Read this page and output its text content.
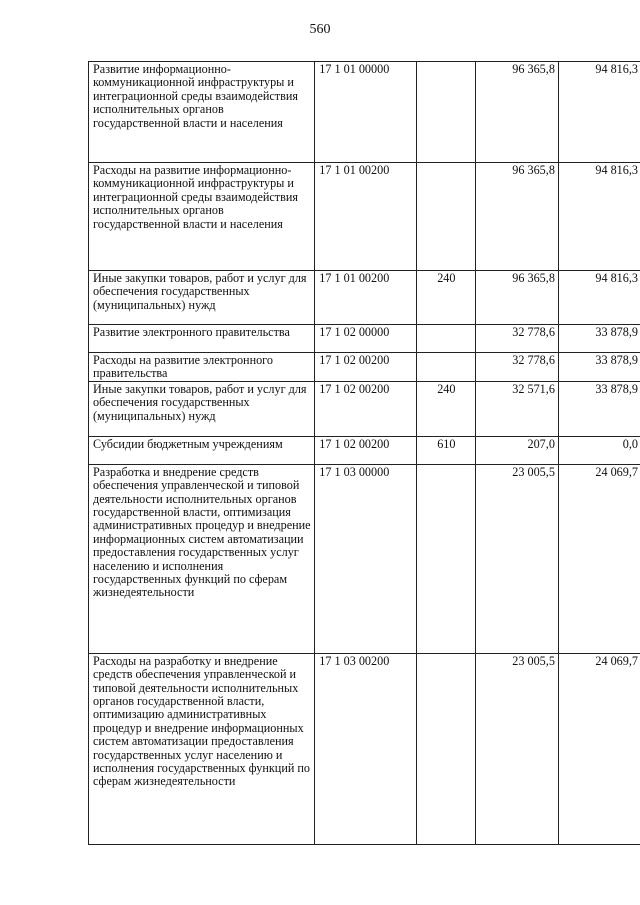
560
Развитие информационно-коммуникационной инфраструктуры и интеграционной среды взаимодействия исполнительных органов государственной власти и населения	17 1 01 00000		96 365,8	94 816,3
Расходы на развитие информационно-коммуникационной инфраструктуры и интеграционной среды взаимодействия исполнительных органов государственной власти и населения	17 1 01 00200		96 365,8	94 816,3
Иные закупки товаров, работ и услуг для обеспечения государственных (муниципальных) нужд	17 1 01 00200	240	96 365,8	94 816,3
Развитие электронного правительства	17 1 02 00000		32 778,6	33 878,9
Расходы на развитие электронного правительства	17 1 02 00200		32 778,6	33 878,9
Иные закупки товаров, работ и услуг для обеспечения государственных (муниципальных) нужд	17 1 02 00200	240	32 571,6	33 878,9
Субсидии бюджетным учреждениям	17 1 02 00200	610	207,0	0,0
Разработка и внедрение средств обеспечения управленческой и типовой деятельности исполнительных органов государственной власти, оптимизация административных процедур и внедрение информационных систем автоматизации предоставления государственных услуг населению и исполнения государственных функций по сферам жизнедеятельности	17 1 03 00000		23 005,5	24 069,7
Расходы на разработку и внедрение средств обеспечения управленческой и типовой деятельности исполнительных органов государственной власти, оптимизацию административных процедур и внедрение информационных систем автоматизации предоставления государственных услуг населению и исполнения государственных функций по сферам жизнедеятельности	17 1 03 00200		23 005,5	24 069,7
